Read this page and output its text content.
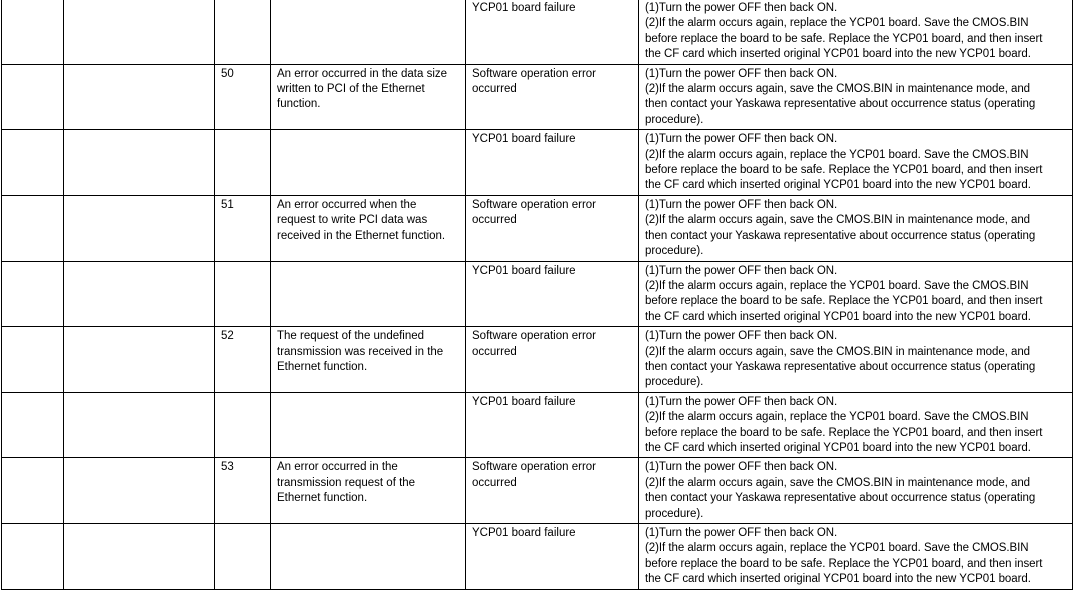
				YCP01 board failure	(1)Turn the power OFF then back ON.
(2)If the alarm occurs again, replace the YCP01 board. Save the CMOS.BIN
before replace the board to be safe. Replace the YCP01 board, and then insert
the CF card which inserted original YCP01 board into the new YCP01 board.

		50	An error occurred in the data size
written to PCI of the Ethernet
function.	Software operation error
occurred	(1)Turn the power OFF then back ON.
(2)If the alarm occurs again, save the CMOS.BIN in maintenance mode, and
then contact your Yaskawa representative about occurrence status (operating
procedure).

				YCP01 board failure	(1)Turn the power OFF then back ON.
(2)If the alarm occurs again, replace the YCP01 board. Save the CMOS.BIN
before replace the board to be safe. Replace the YCP01 board, and then insert
the CF card which inserted original YCP01 board into the new YCP01 board.

		51	An error occurred when the
request to write PCI data was
received in the Ethernet function.	Software operation error
occurred	(1)Turn the power OFF then back ON.
(2)If the alarm occurs again, save the CMOS.BIN in maintenance mode, and
then contact your Yaskawa representative about occurrence status (operating
procedure).

				YCP01 board failure	(1)Turn the power OFF then back ON.
(2)If the alarm occurs again, replace the YCP01 board. Save the CMOS.BIN
before replace the board to be safe. Replace the YCP01 board, and then insert
the CF card which inserted original YCP01 board into the new YCP01 board.

		52	The request of the undefined
transmission was received in the
Ethernet function.	Software operation error
occurred	(1)Turn the power OFF then back ON.
(2)If the alarm occurs again, save the CMOS.BIN in maintenance mode, and
then contact your Yaskawa representative about occurrence status (operating
procedure).

				YCP01 board failure	(1)Turn the power OFF then back ON.
(2)If the alarm occurs again, replace the YCP01 board. Save the CMOS.BIN
before replace the board to be safe. Replace the YCP01 board, and then insert
the CF card which inserted original YCP01 board into the new YCP01 board.

		53	An error occurred in the
transmission request of the
Ethernet function.	Software operation error
occurred	(1)Turn the power OFF then back ON.
(2)If the alarm occurs again, save the CMOS.BIN in maintenance mode, and
then contact your Yaskawa representative about occurrence status (operating
procedure).

				YCP01 board failure	(1)Turn the power OFF then back ON.
(2)If the alarm occurs again, replace the YCP01 board. Save the CMOS.BIN
before replace the board to be safe. Replace the YCP01 board, and then insert
the CF card which inserted original YCP01 board into the new YCP01 board.
